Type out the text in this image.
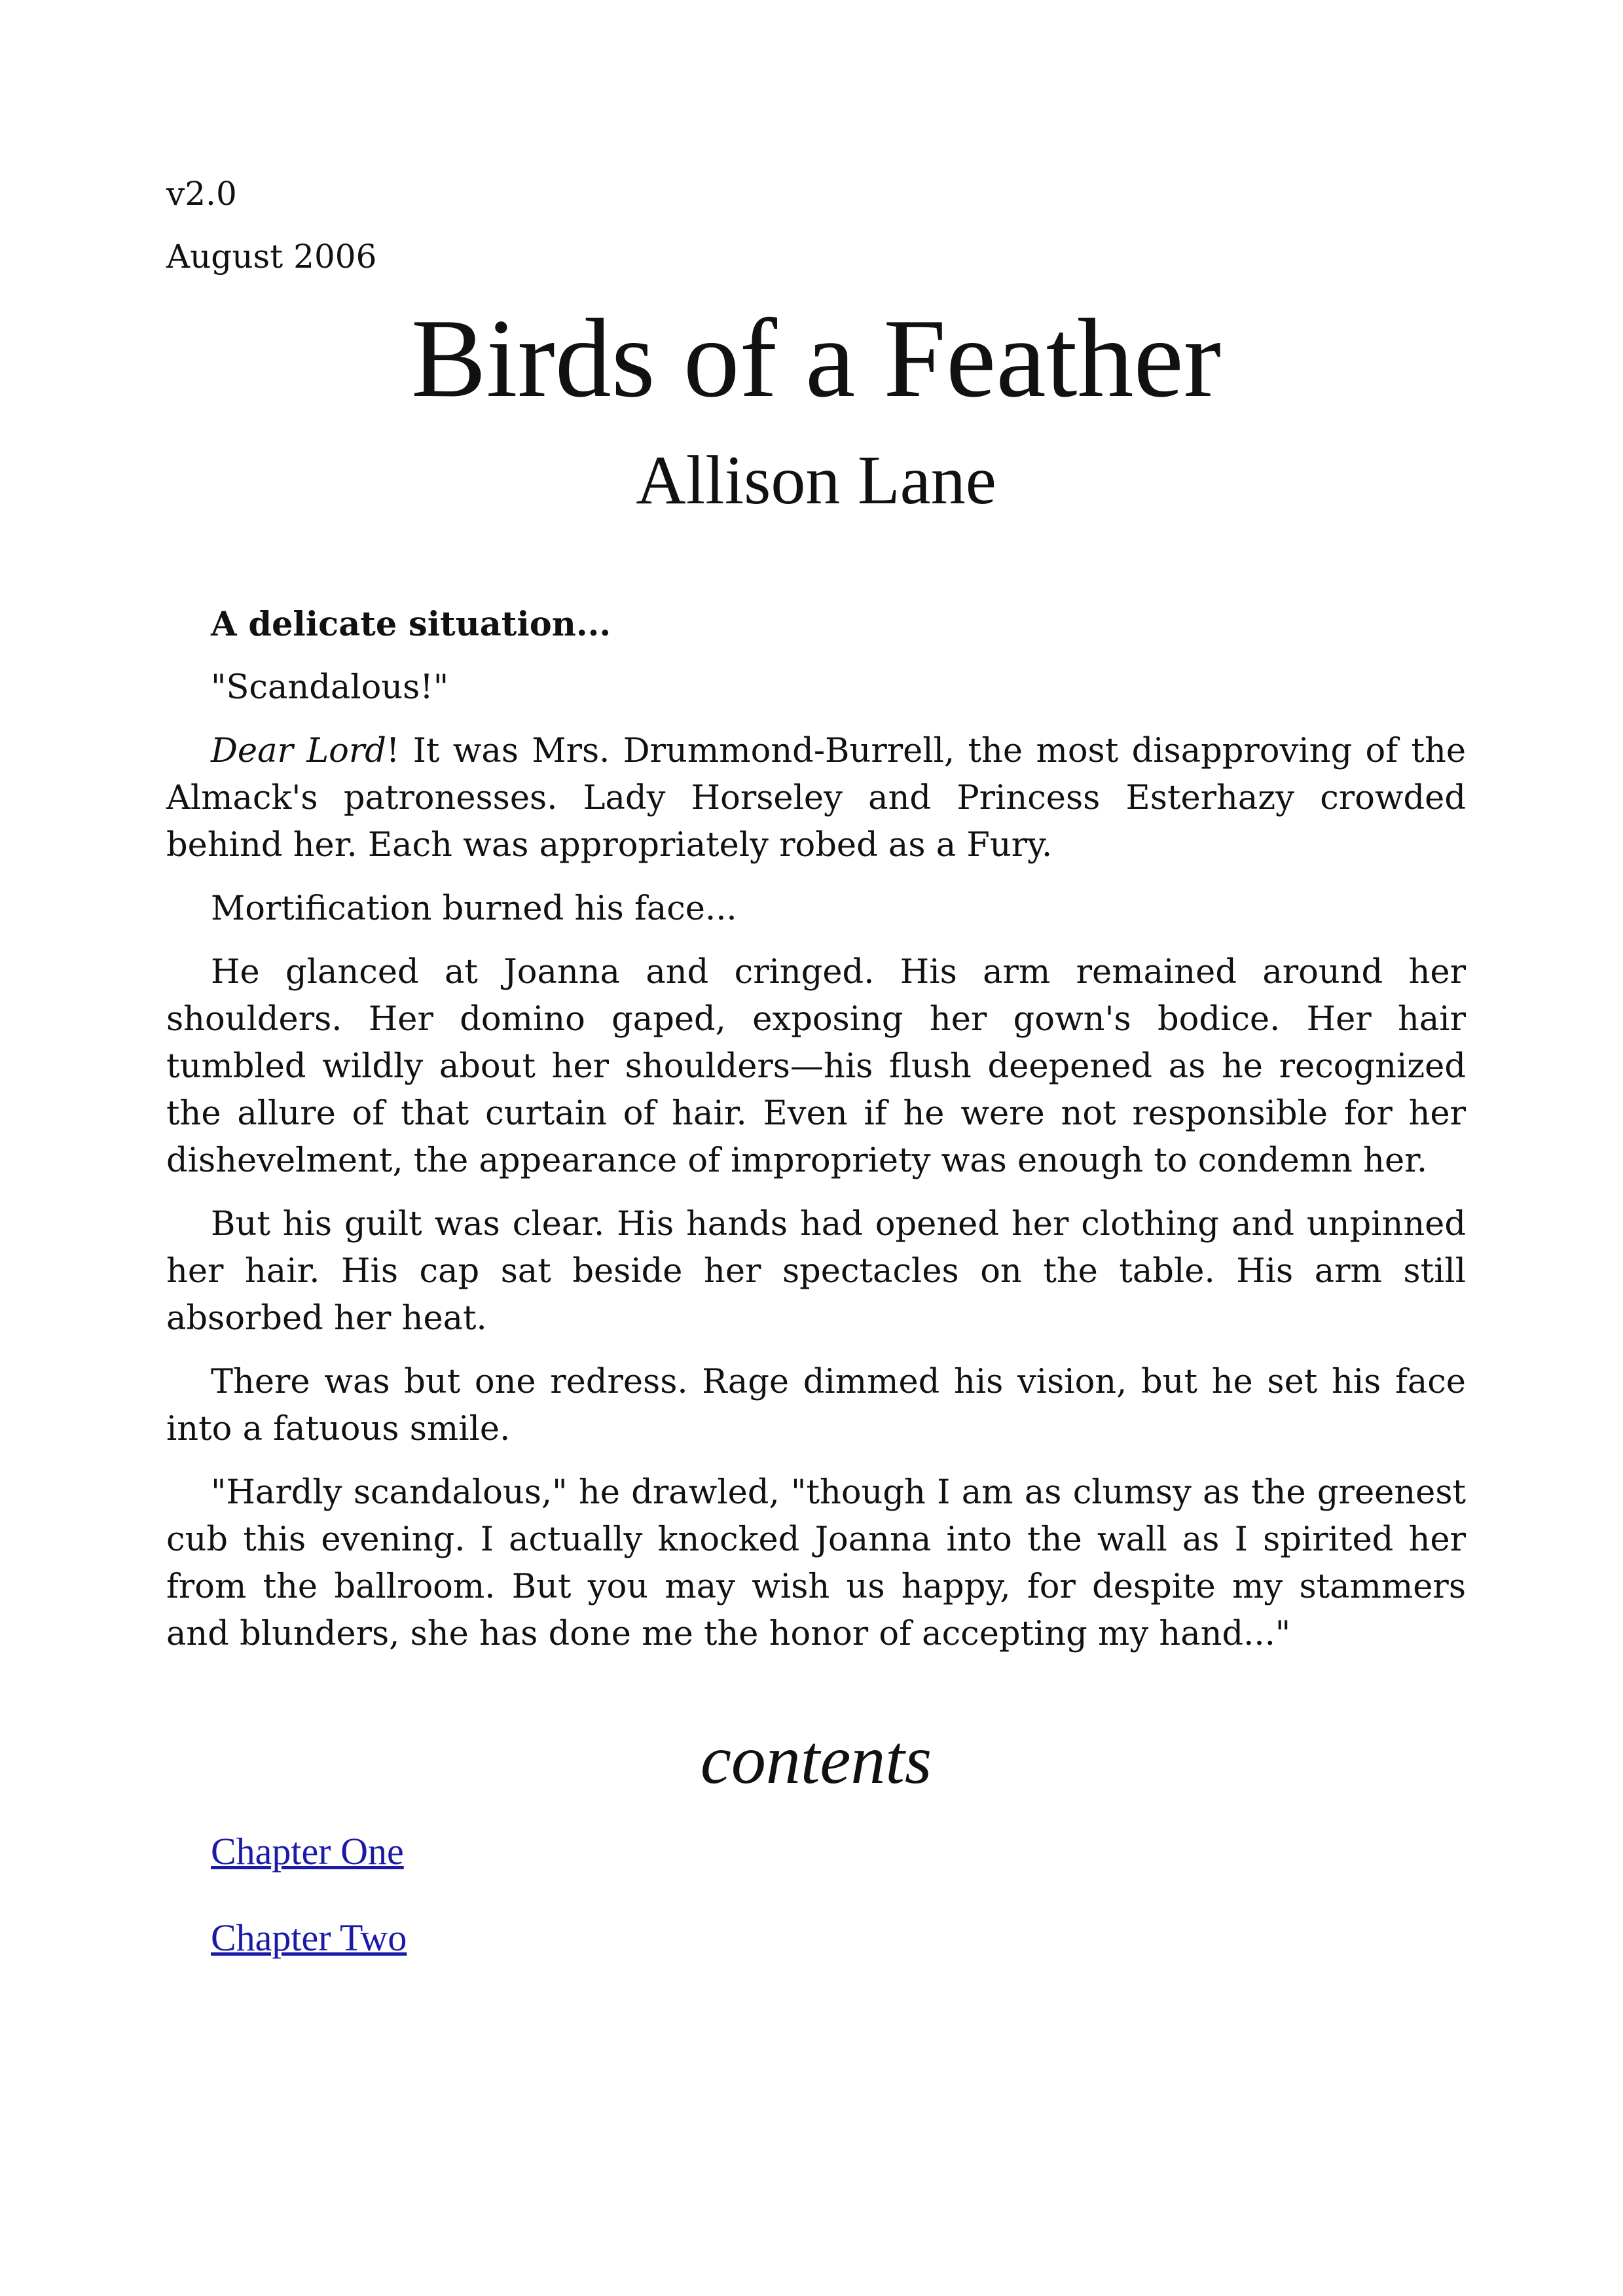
v2.0

August 2006

Birds of a Feather
Allison Lane

A delicate situation...

"Scandalous!"

Dear Lord! It was Mrs. Drummond-Burrell, the most disapproving of the Almack's patronesses. Lady Horseley and Princess Esterhazy crowded behind her. Each was appropriately robed as a Fury.

Mortification burned his face...

He glanced at Joanna and cringed. His arm remained around her shoulders. Her domino gaped, exposing her gown's bodice. Her hair tumbled wildly about her shoulders—his flush deepened as he recognized the allure of that curtain of hair. Even if he were not responsible for her dishevelment, the appearance of impropriety was enough to condemn her.

But his guilt was clear. His hands had opened her clothing and unpinned her hair. His cap sat beside her spectacles on the table. His arm still absorbed her heat.

There was but one redress. Rage dimmed his vision, but he set his face into a fatuous smile.

"Hardly scandalous," he drawled, "though I am as clumsy as the greenest cub this evening. I actually knocked Joanna into the wall as I spirited her from the ballroom. But you may wish us happy, for despite my stammers and blunders, she has done me the honor of accepting my hand..."

contents
Chapter One
Chapter Two
